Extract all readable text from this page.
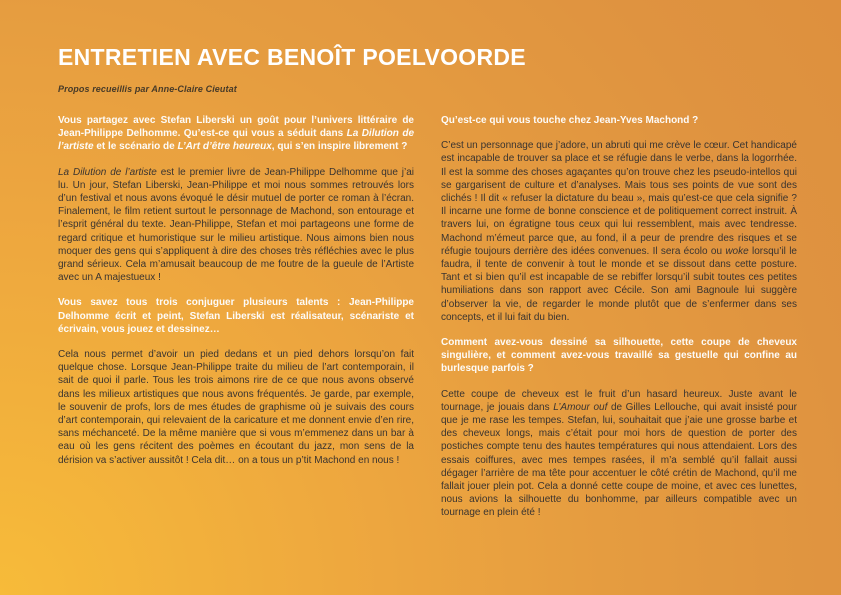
ENTRETIEN AVEC BENOÎT POELVOORDE

Propos recueillis par Anne-Claire Cieutat

Vous partagez avec Stefan Liberski un goût pour l’univers littéraire de Jean-Philippe Delhomme. Qu’est-ce qui vous a séduit dans La Dilution de l’artiste et le scénario de L’Art d’être heureux, qui s’en inspire librement ?

La Dilution de l’artiste est le premier livre de Jean-Philippe Delhomme que j’ai lu. Un jour, Stefan Liberski, Jean-Philippe et moi nous sommes retrouvés lors d’un festival et nous avons évoqué le désir mutuel de porter ce roman à l’écran. Finalement, le film retient surtout le personnage de Machond, son entourage et l’esprit général du texte. Jean-Philippe, Stefan et moi partageons une forme de regard critique et humoristique sur le milieu artistique. Nous aimons bien nous moquer des gens qui s’appliquent à dire des choses très réfléchies avec le plus grand sérieux. Cela m’amusait beaucoup de me foutre de la gueule de l’Artiste avec un A majestueux !

Vous savez tous trois conjuguer plusieurs talents : Jean-Philippe Delhomme écrit et peint, Stefan Liberski est réalisateur, scénariste et écrivain, vous jouez et dessinez…

Cela nous permet d’avoir un pied dedans et un pied dehors lorsqu’on fait quelque chose. Lorsque Jean-Philippe traite du milieu de l’art contemporain, il sait de quoi il parle. Tous les trois aimons rire de ce que nous avons observé dans les milieux artistiques que nous avons fréquentés. Je garde, par exemple, le souvenir de profs, lors de mes études de graphisme où je suivais des cours d’art contemporain, qui relevaient de la caricature et me donnent envie d’en rire, sans méchanceté. De la même manière que si vous m’emmenez dans un bar à eau où les gens récitent des poèmes en écoutant du jazz, mon sens de la dérision va s’activer aussitôt ! Cela dit… on a tous un p’tit Machond en nous !

Qu’est-ce qui vous touche chez Jean-Yves Machond ?

C’est un personnage que j’adore, un abruti qui me crève le cœur. Cet handicapé est incapable de trouver sa place et se réfugie dans le verbe, dans la logorrhée. Il est la somme des choses agaçantes qu’on trouve chez les pseudo-intellos qui se gargarisent de culture et d’analyses. Mais tous ses points de vue sont des clichés ! Il dit « refuser la dictature du beau », mais qu’est-ce que cela signifie ? Il incarne une forme de bonne conscience et de politiquement correct instruit. À travers lui, on égratigne tous ceux qui lui ressemblent, mais avec tendresse. Machond m’émeut parce que, au fond, il a peur de prendre des risques et se réfugie toujours derrière des idées convenues. Il sera écolo ou woke lorsqu’il le faudra, il tente de convenir à tout le monde et se dissout dans cette posture. Tant et si bien qu’il est incapable de se rebiffer lorsqu’il subit toutes ces petites humiliations dans son rapport avec Cécile. Son ami Bagnoule lui suggère d’observer la vie, de regarder le monde plutôt que de s’enfermer dans ses concepts, et il lui fait du bien.

Comment avez-vous dessiné sa silhouette, cette coupe de cheveux singulière, et comment avez-vous travaillé sa gestuelle qui confine au burlesque parfois ?

Cette coupe de cheveux est le fruit d’un hasard heureux. Juste avant le tournage, je jouais dans L’Amour ouf de Gilles Lellouche, qui avait insisté pour que je me rase les tempes. Stefan, lui, souhaitait que j’aie une grosse barbe et des cheveux longs, mais c’était pour moi hors de question de porter des postiches compte tenu des hautes températures qui nous attendaient. Lors des essais coiffures, avec mes tempes rasées, il m’a semblé qu’il fallait aussi dégager l’arrière de ma tête pour accentuer le côté crétin de Machond, qu’il me fallait jouer plein pot. Cela a donné cette coupe de moine, et avec ces lunettes, nous avions la silhouette du bonhomme, par ailleurs compatible avec un tournage en plein été !
